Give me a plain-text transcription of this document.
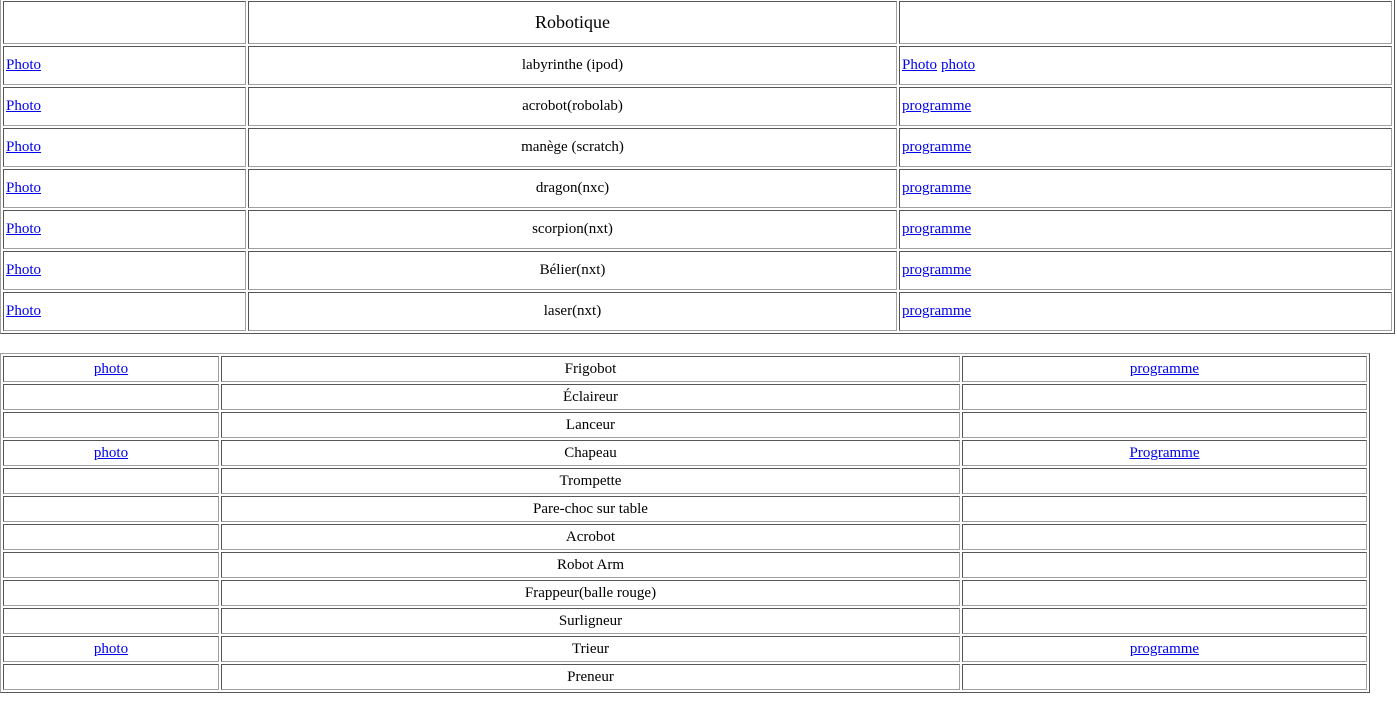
	Robotique	
Photo	labyrinthe (ipod)	Photo photo
Photo	acrobot(robolab)	programme
Photo	manège (scratch)	programme
Photo	dragon(nxc)	programme
Photo	scorpion(nxt)	programme
Photo	Bélier(nxt)	programme
Photo	laser(nxt)	programme
photo	Frigobot	programme
	Éclaireur	
	Lanceur	
photo	Chapeau	Programme
	Trompette	
	Pare-choc sur table	
	Acrobot	
	Robot Arm	
	Frappeur(balle rouge)	
	Surligneur	
photo	Trieur	programme
	Preneur	
